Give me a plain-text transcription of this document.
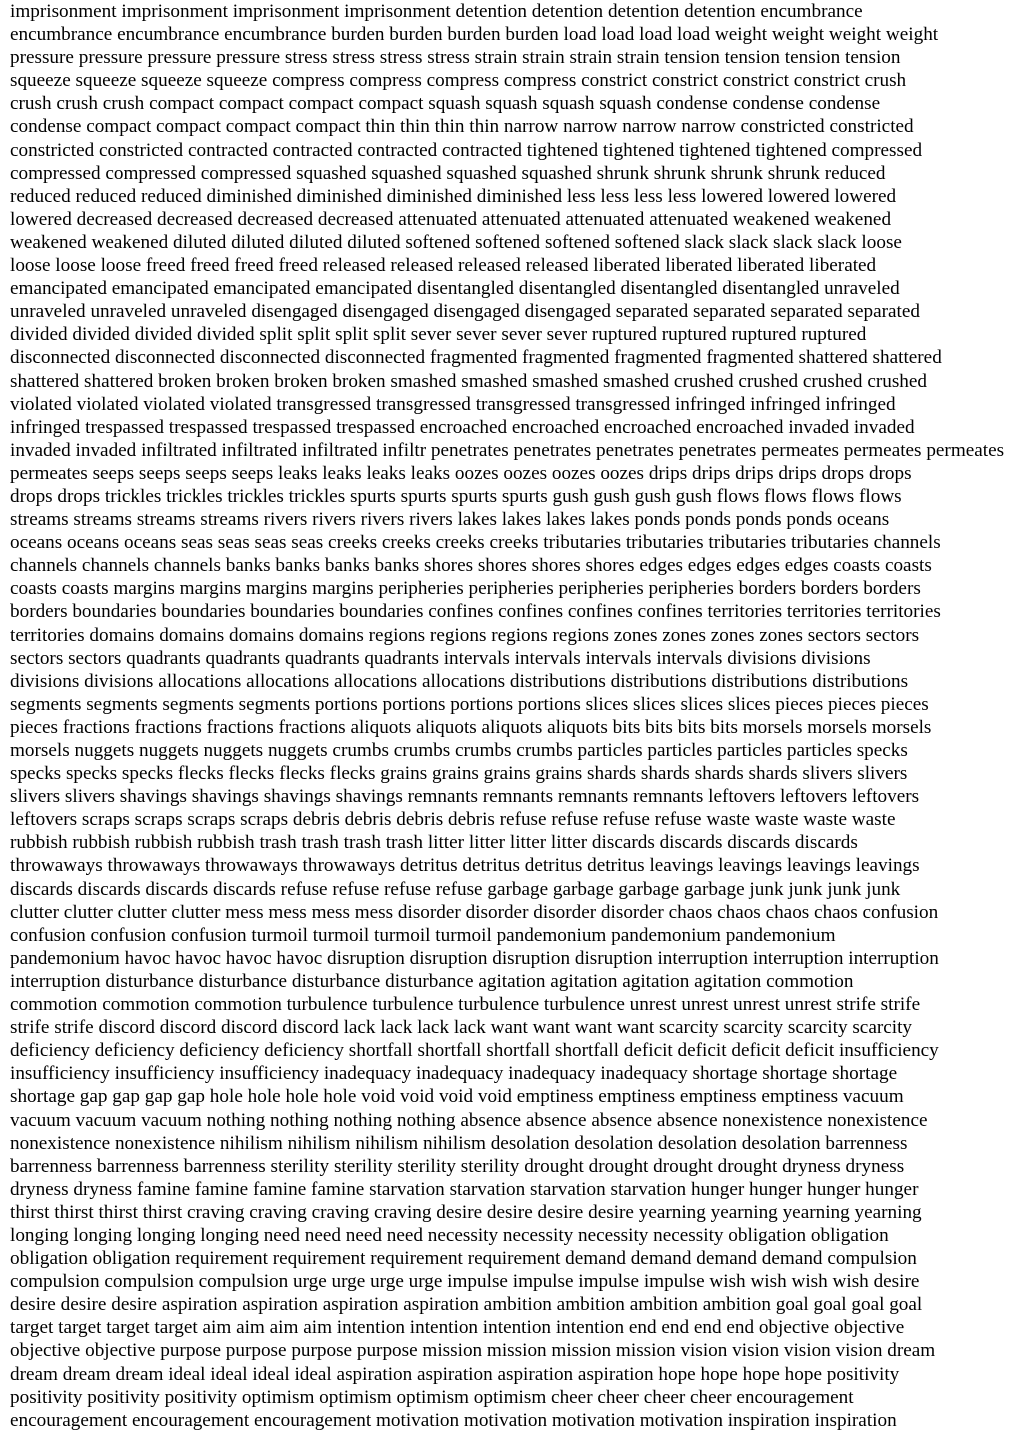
imprisonment imprisonment imprisonment imprisonment detention detention detention detention encumbrance

encumbrance encumbrance encumbrance burden burden burden burden load load load load weight weight weight weight

pressure pressure pressure pressure stress stress stress stress strain strain strain strain tension tension tension tension

squeeze squeeze squeeze squeeze compress compress compress compress constrict constrict constrict constrict crush

crush crush crush compact compact compact compact squash squash squash squash condense condense condense

condense compact compact compact compact thin thin thin thin narrow narrow narrow narrow constricted constricted

constricted constricted contracted contracted contracted contracted tightened tightened tightened tightened compressed

compressed compressed compressed squashed squashed squashed squashed shrunk shrunk shrunk shrunk reduced

reduced reduced reduced diminished diminished diminished diminished less less less less lowered lowered lowered

lowered decreased decreased decreased decreased attenuated attenuated attenuated attenuated weakened weakened

weakened weakened diluted diluted diluted diluted softened softened softened softened slack slack slack slack loose

loose loose loose freed freed freed freed released released released released liberated liberated liberated liberated

emancipated emancipated emancipated emancipated disentangled disentangled disentangled disentangled unraveled

unraveled unraveled unraveled disengaged disengaged disengaged disengaged separated separated separated separated

divided divided divided divided split split split split sever sever sever sever ruptured ruptured ruptured ruptured

disconnected disconnected disconnected disconnected fragmented fragmented fragmented fragmented shattered shattered

shattered shattered broken broken broken broken smashed smashed smashed smashed crushed crushed crushed crushed

violated violated violated violated transgressed transgressed transgressed transgressed infringed infringed infringed

infringed trespassed trespassed trespassed trespassed encroached encroached encroached encroached invaded invaded

invaded invaded infiltrated infiltrated infiltrated infiltr penetrates penetrates penetrates penetrates permeates permeates permeates

permeates seeps seeps seeps seeps leaks leaks leaks leaks oozes oozes oozes oozes drips drips drips drips drops drops

drops drops trickles trickles trickles trickles spurts spurts spurts spurts gush gush gush gush flows flows flows flows

streams streams streams streams rivers rivers rivers rivers lakes lakes lakes lakes ponds ponds ponds ponds oceans

oceans oceans oceans seas seas seas seas creeks creeks creeks creeks tributaries tributaries tributaries tributaries channels

channels channels channels banks banks banks banks shores shores shores shores edges edges edges edges coasts coasts

coasts coasts margins margins margins margins peripheries peripheries peripheries peripheries borders borders borders

borders boundaries boundaries boundaries boundaries confines confines confines confines territories territories territories

territories domains domains domains domains regions regions regions regions zones zones zones zones sectors sectors

sectors sectors quadrants quadrants quadrants quadrants intervals intervals intervals intervals divisions divisions

divisions divisions allocations allocations allocations allocations distributions distributions distributions distributions

segments segments segments segments portions portions portions portions slices slices slices slices pieces pieces pieces

pieces fractions fractions fractions fractions aliquots aliquots aliquots aliquots bits bits bits bits morsels morsels morsels

morsels nuggets nuggets nuggets nuggets crumbs crumbs crumbs crumbs particles particles particles particles specks

specks specks specks flecks flecks flecks flecks grains grains grains grains shards shards shards shards slivers slivers

slivers slivers shavings shavings shavings shavings remnants remnants remnants remnants leftovers leftovers leftovers

leftovers scraps scraps scraps scraps debris debris debris debris refuse refuse refuse refuse waste waste waste waste

rubbish rubbish rubbish rubbish trash trash trash trash litter litter litter litter discards discards discards discards

throwaways throwaways throwaways throwaways detritus detritus detritus detritus leavings leavings leavings leavings

discards discards discards discards refuse refuse refuse refuse garbage garbage garbage garbage junk junk junk junk

clutter clutter clutter clutter mess mess mess mess disorder disorder disorder disorder chaos chaos chaos chaos confusion

confusion confusion confusion turmoil turmoil turmoil turmoil pandemonium pandemonium pandemonium

pandemonium havoc havoc havoc havoc disruption disruption disruption disruption interruption interruption interruption

interruption disturbance disturbance disturbance disturbance agitation agitation agitation agitation commotion

commotion commotion commotion turbulence turbulence turbulence turbulence unrest unrest unrest unrest strife strife

strife strife discord discord discord discord lack lack lack lack want want want want scarcity scarcity scarcity scarcity

deficiency deficiency deficiency deficiency shortfall shortfall shortfall shortfall deficit deficit deficit deficit insufficiency

insufficiency insufficiency insufficiency inadequacy inadequacy inadequacy inadequacy shortage shortage shortage

shortage gap gap gap gap hole hole hole hole void void void void emptiness emptiness emptiness emptiness vacuum

vacuum vacuum vacuum nothing nothing nothing nothing absence absence absence absence nonexistence nonexistence

nonexistence nonexistence nihilism nihilism nihilism nihilism desolation desolation desolation desolation barrenness

barrenness barrenness barrenness sterility sterility sterility sterility drought drought drought drought dryness dryness

dryness dryness famine famine famine famine starvation starvation starvation starvation hunger hunger hunger hunger

thirst thirst thirst thirst craving craving craving craving desire desire desire desire yearning yearning yearning yearning

longing longing longing longing need need need need necessity necessity necessity necessity obligation obligation

obligation obligation requirement requirement requirement requirement demand demand demand demand compulsion

compulsion compulsion compulsion urge urge urge urge impulse impulse impulse impulse wish wish wish wish desire

desire desire desire aspiration aspiration aspiration aspiration ambition ambition ambition ambition goal goal goal goal

target target target target aim aim aim aim intention intention intention intention end end end end objective objective

objective objective purpose purpose purpose purpose mission mission mission mission vision vision vision vision dream

dream dream dream ideal ideal ideal ideal aspiration aspiration aspiration aspiration hope hope hope hope positivity

positivity positivity positivity optimism optimism optimism optimism cheer cheer cheer cheer encouragement

encouragement encouragement encouragement motivation motivation motivation motivation inspiration inspiration
